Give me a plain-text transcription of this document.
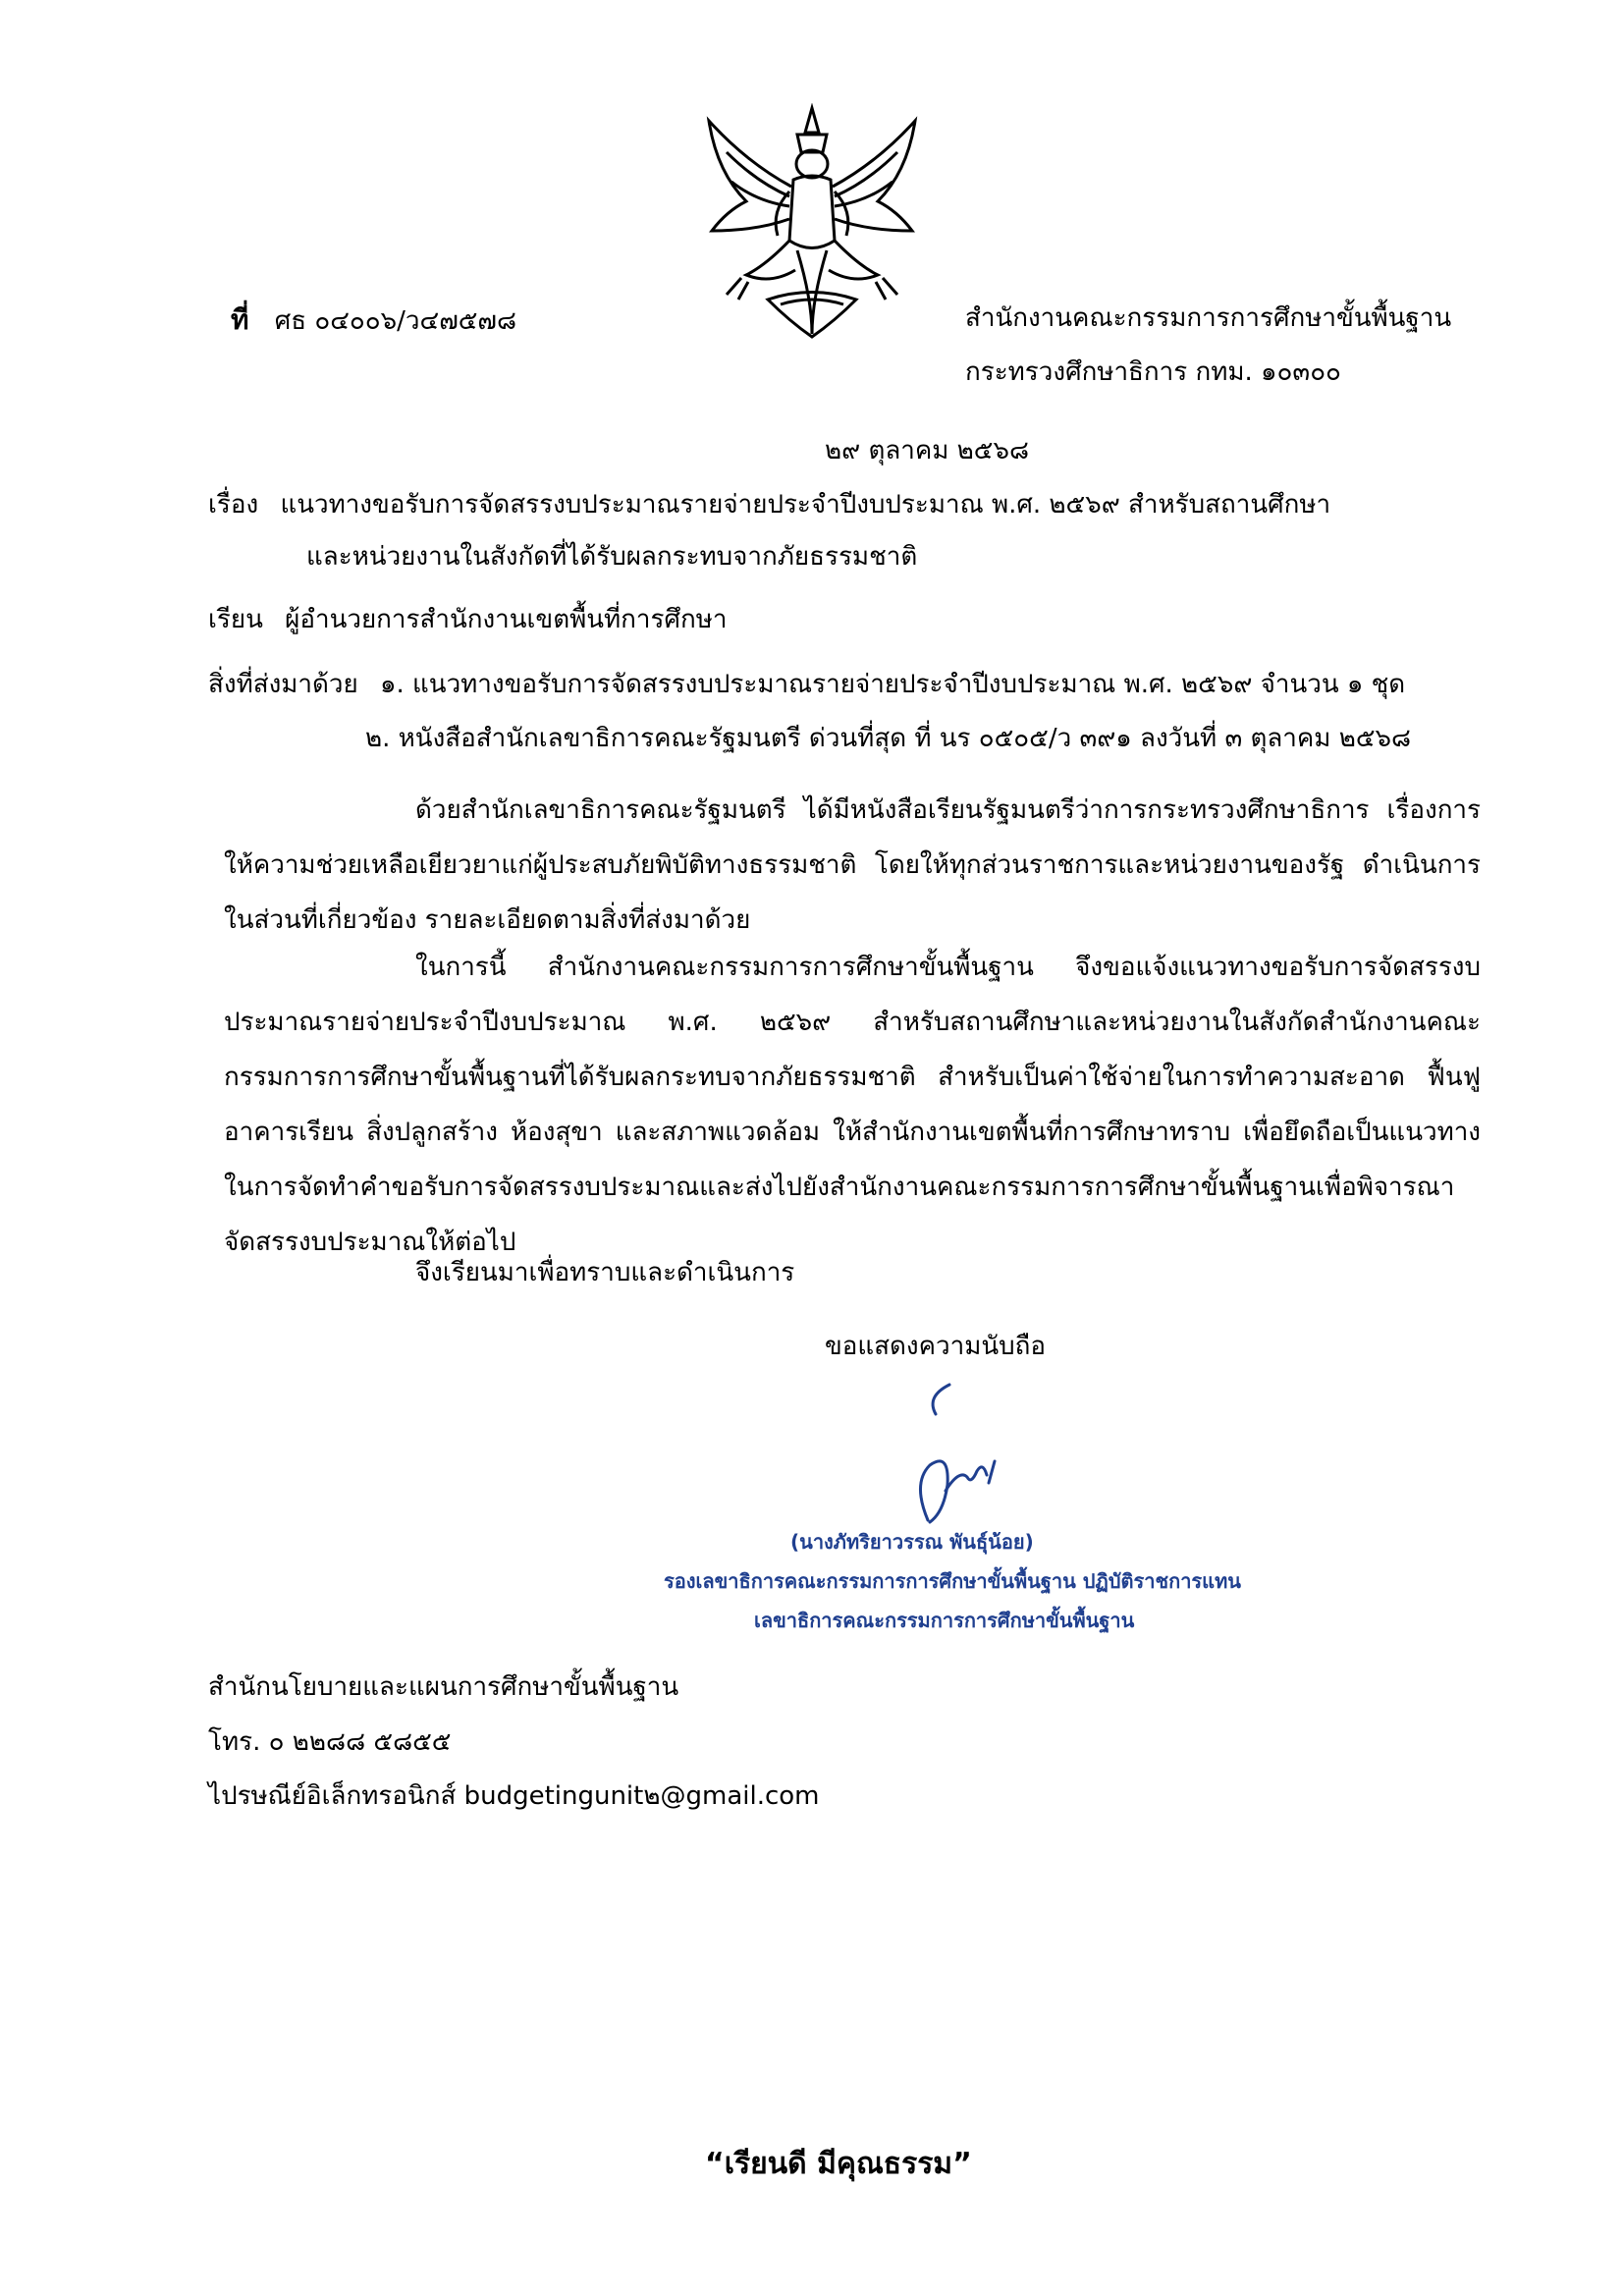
ที่ ศธ ๐๔๐๐๖/ว๔๗๕๗๘	สำนักงานคณะกรรมการการศึกษาขั้นพื้นฐาน
กระทรวงศึกษาธิการ กทม. ๑๐๓๐๐
๒๙ ตุลาคม ๒๕๖๘
เรื่อง แนวทางขอรับการจัดสรรงบประมาณรายจ่ายประจำปีงบประมาณ พ.ศ. ๒๕๖๙ สำหรับสถานศึกษา
และหน่วยงานในสังกัดที่ได้รับผลกระทบจากภัยธรรมชาติ
เรียน ผู้อำนวยการสำนักงานเขตพื้นที่การศึกษา
สิ่งที่ส่งมาด้วย ๑. แนวทางขอรับการจัดสรรงบประมาณรายจ่ายประจำปีงบประมาณ พ.ศ. ๒๕๖๙ จำนวน ๑ ชุด
๒. หนังสือสำนักเลขาธิการคณะรัฐมนตรี ด่วนที่สุด ที่ นร ๐๕๐๕/ว ๓๙๑ ลงวันที่ ๓ ตุลาคม ๒๕๖๘
ด้วยสำนักเลขาธิการคณะรัฐมนตรี ได้มีหนังสือเรียนรัฐมนตรีว่าการกระทรวงศึกษาธิการ เรื่องการให้ความช่วยเหลือเยียวยาแก่ผู้ประสบภัยพิบัติทางธรรมชาติ โดยให้ทุกส่วนราชการและหน่วยงานของรัฐ ดำเนินการในส่วนที่เกี่ยวข้อง รายละเอียดตามสิ่งที่ส่งมาด้วย
ในการนี้ สำนักงานคณะกรรมการการศึกษาขั้นพื้นฐาน จึงขอแจ้งแนวทางขอรับการจัดสรรงบประมาณรายจ่ายประจำปีงบประมาณ พ.ศ. ๒๕๖๙ สำหรับสถานศึกษาและหน่วยงานในสังกัดสำนักงานคณะกรรมการการศึกษาขั้นพื้นฐานที่ได้รับผลกระทบจากภัยธรรมชาติ สำหรับเป็นค่าใช้จ่ายในการทำความสะอาด ฟื้นฟูอาคารเรียน สิ่งปลูกสร้าง ห้องสุขา และสภาพแวดล้อม ให้สำนักงานเขตพื้นที่การศึกษาทราบ เพื่อยึดถือเป็นแนวทางในการจัดทำคำขอรับการจัดสรรงบประมาณและส่งไปยังสำนักงานคณะกรรมการการศึกษาขั้นพื้นฐานเพื่อพิจารณาจัดสรรงบประมาณให้ต่อไป
จึงเรียนมาเพื่อทราบและดำเนินการ
ขอแสดงความนับถือ
(นางภัทริยาวรรณ พันธุ์น้อย)
รองเลขาธิการคณะกรรมการการศึกษาขั้นพื้นฐาน ปฏิบัติราชการแทน
เลขาธิการคณะกรรมการการศึกษาขั้นพื้นฐาน
สำนักนโยบายและแผนการศึกษาขั้นพื้นฐาน
โทร. ๐ ๒๒๘๘ ๕๘๕๕
ไปรษณีย์อิเล็กทรอนิกส์ budgetingunit๒@gmail.com
“เรียนดี มีคุณธรรม”
